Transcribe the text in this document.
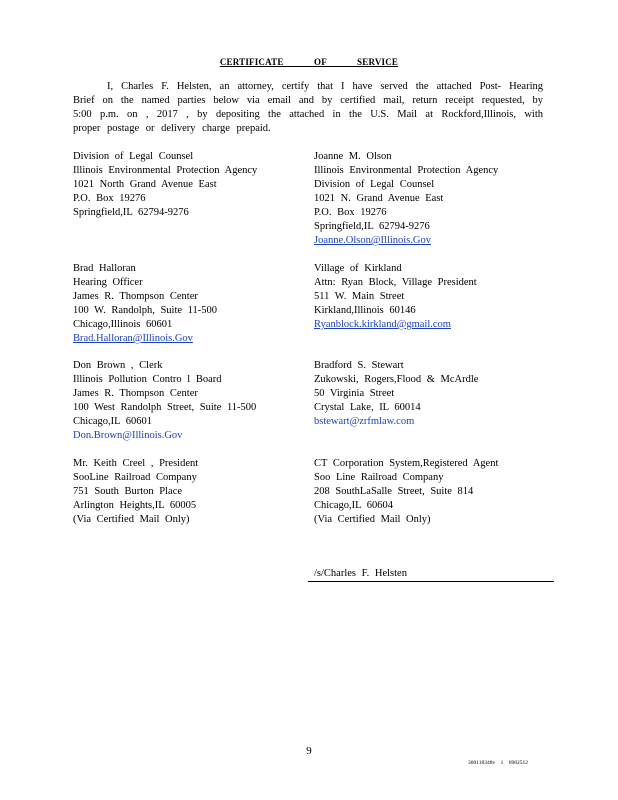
CERTIFICATE OF SERVICE
I, Charles F. Helsten, an attorney, certify that I have served the attached Post- Hearing Brief on the named parties below via email and by certified mail, return receipt requested, by 5:00 p.m. on , 2017 , by depositing the attached in the U.S. Mail at Rockford,Illinois, with proper postage or delivery charge prepaid.
Division of Legal Counsel
Illinois Environmental Protection Agency
1021 North Grand Avenue East
P.O. Box 19276
Springfield,IL 62794-9276
Joanne M. Olson
Illinois Environmental Protection Agency
Division of Legal Counsel
1021 N. Grand Avenue East
P.O. Box 19276
Springfield,IL 62794-9276
Joanne.Olson@Illinois.Gov
Brad Halloran
Hearing Officer
James R. Thompson Center
100 W. Randolph, Suite 11-500
Chicago,Illinois 60601
Brad.Halloran@Illinois.Gov
Village of Kirkland
Attn: Ryan Block, Village President
511 W. Main Street
Kirkland,Illinois 60146
Ryanblock.kirkland@gmail.com
Don Brown , Clerk
Illinois Pollution Contro l Board
James R. Thompson Center
100 West Randolph Street, Suite 11-500
Chicago,IL 60601
Don.Brown@Illinois.Gov
Bradford S. Stewart
Zukowski, Rogers,Flood & McArdle
50 Virginia Street
Crystal Lake, IL 60014
bstewart@zrfmlaw.com
Mr. Keith Creel , President
SooLine Railroad Company
751 South Burton Place
Arlington Heights,IL 60005
(Via Certified Mail Only)
CT Corporation System,Registered Agent
Soo Line Railroad Company
208 SouthLaSalle Street, Suite 814
Chicago,IL 60604
(Via Certified Mail Only)
/s/Charles F. Helsten
9
300118348v 1 0982512
